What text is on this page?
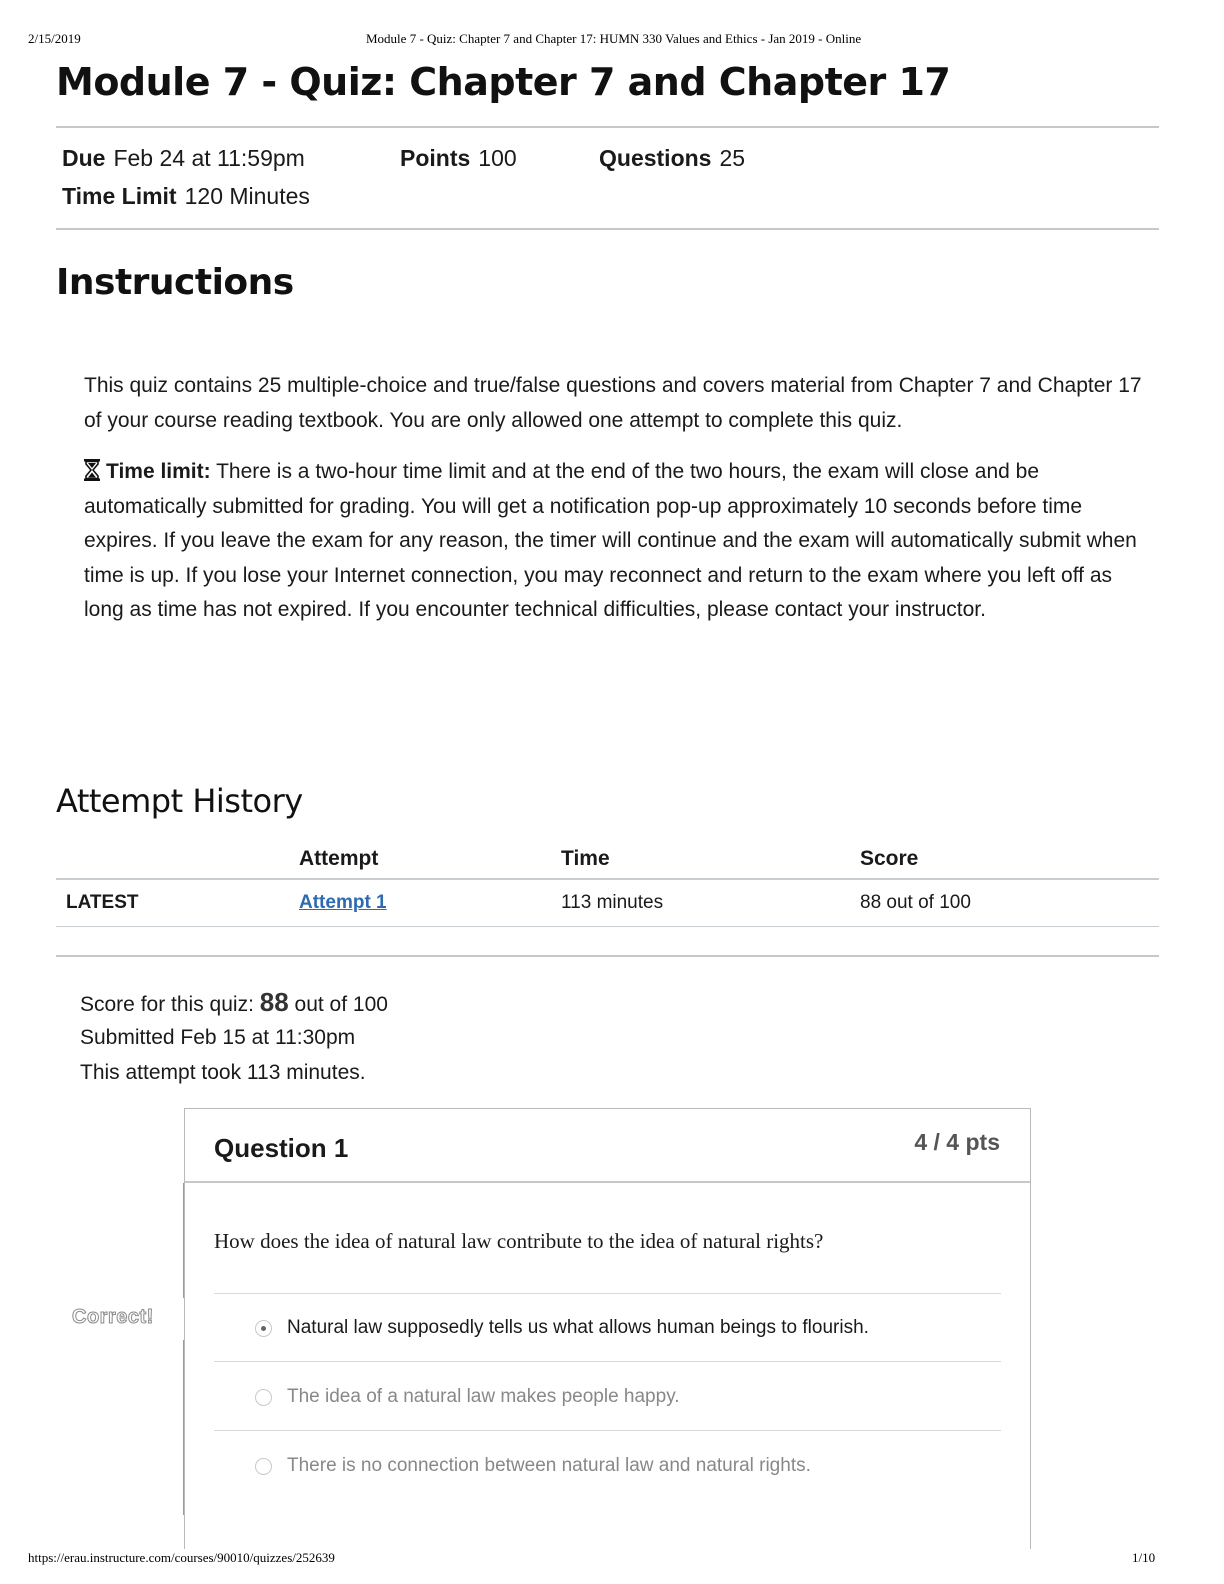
2/15/2019	Module 7 - Quiz: Chapter 7 and Chapter 17: HUMN 330 Values and Ethics - Jan 2019 - Online
Module 7 - Quiz: Chapter 7 and Chapter 17
Due Feb 24 at 11:59pm	Points 100	Questions 25
Time Limit 120 Minutes
Instructions
This quiz contains 25 multiple-choice and true/false questions and covers material from Chapter 7 and Chapter 17 of your course reading textbook. You are only allowed one attempt to complete this quiz.
Time limit: There is a two-hour time limit and at the end of the two hours, the exam will close and be automatically submitted for grading. You will get a notification pop-up approximately 10 seconds before time expires. If you leave the exam for any reason, the timer will continue and the exam will automatically submit when time is up. If you lose your Internet connection, you may reconnect and return to the exam where you left off as long as time has not expired. If you encounter technical difficulties, please contact your instructor.
Attempt History
	Attempt	Time	Score
LATEST	Attempt 1	113 minutes	88 out of 100
Score for this quiz: 88 out of 100
Submitted Feb 15 at 11:30pm
This attempt took 113 minutes.
Correct!
Question 1	4 / 4 pts
How does the idea of natural law contribute to the idea of natural rights?
Natural law supposedly tells us what allows human beings to flourish.
The idea of a natural law makes people happy.
There is no connection between natural law and natural rights.
https://erau.instructure.com/courses/90010/quizzes/252639	1/10
